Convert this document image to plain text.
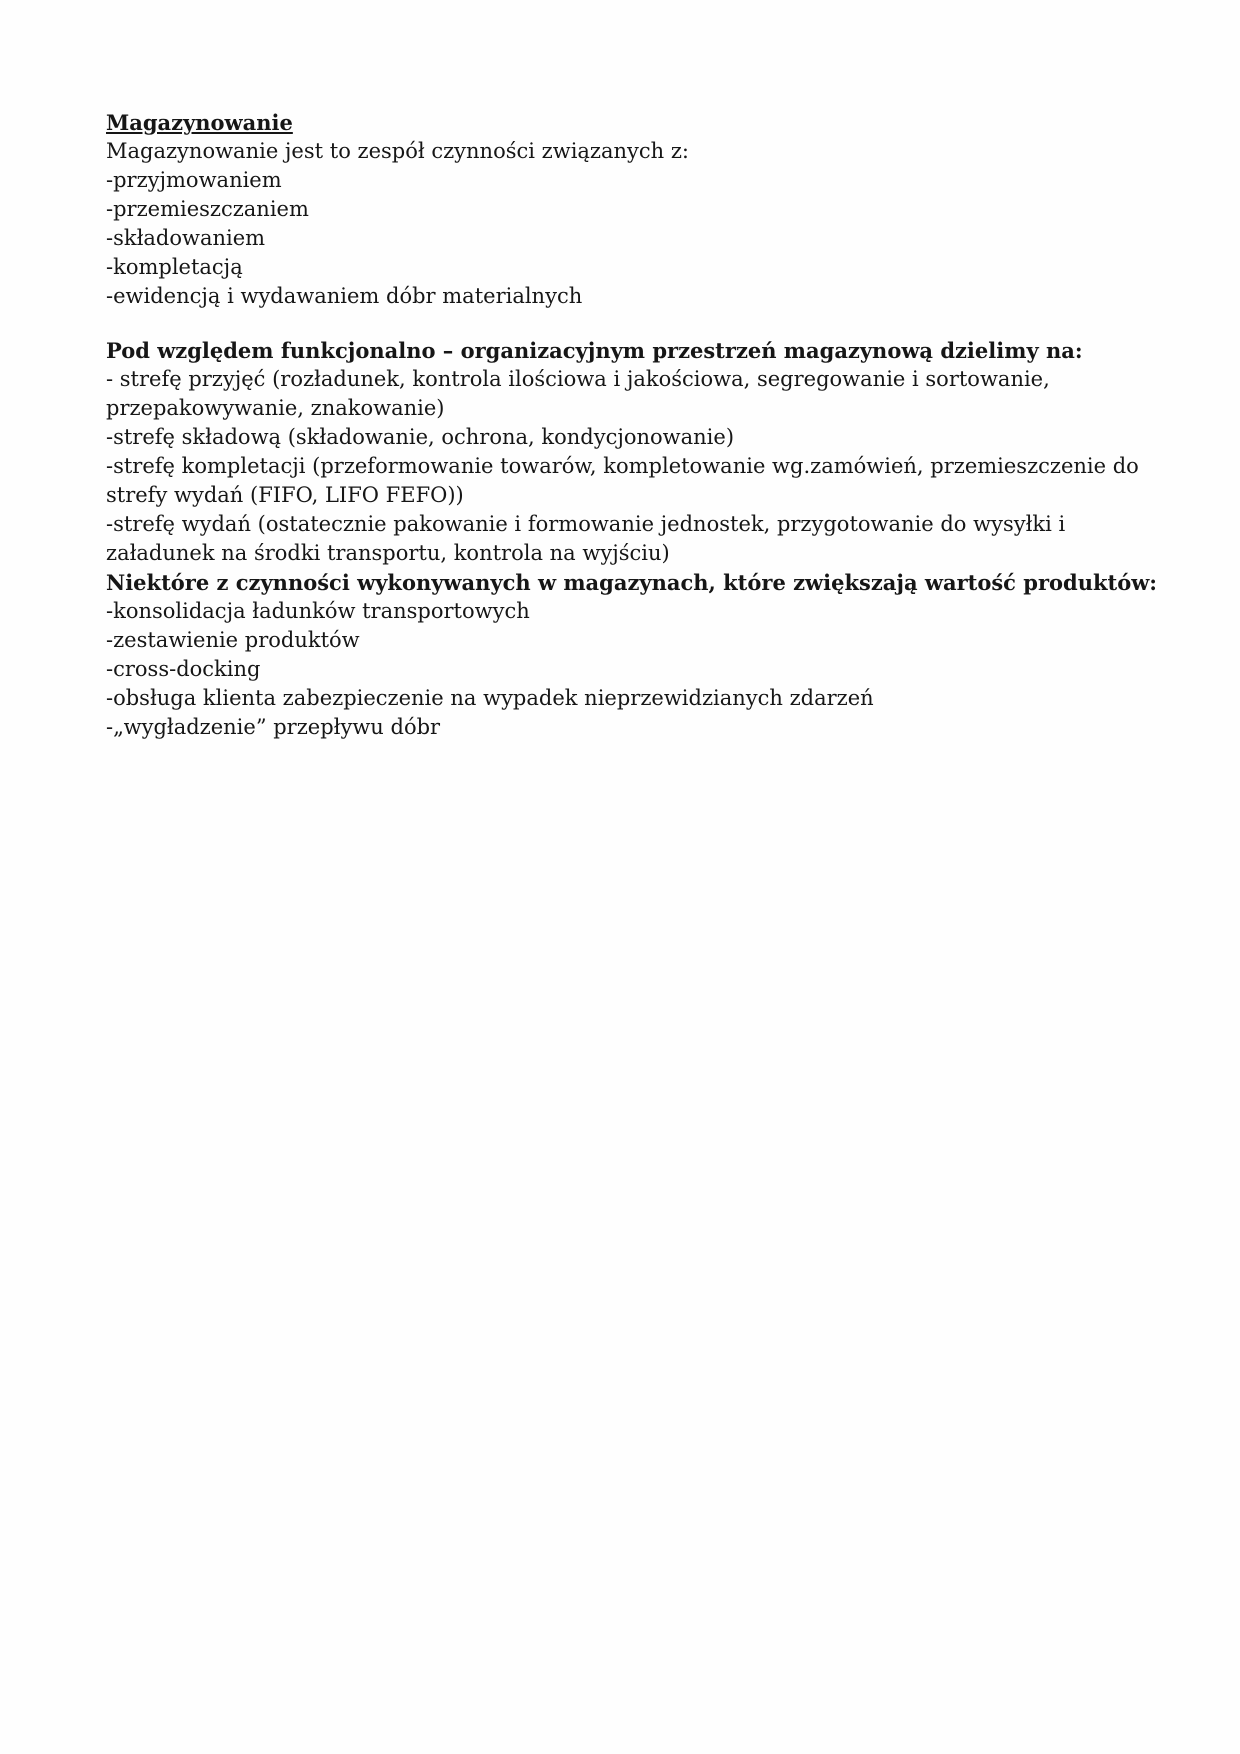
Magazynowanie
Magazynowanie jest to zespół czynności związanych z:
-przyjmowaniem
-przemieszczaniem
-składowaniem
-kompletacją
-ewidencją i wydawaniem dóbr materialnych
Pod względem funkcjonalno – organizacyjnym przestrzeń magazynową dzielimy na:
- strefę przyjęć (rozładunek, kontrola ilościowa i jakościowa, segregowanie i sortowanie,
przepakowywanie, znakowanie)
-strefę składową (składowanie, ochrona, kondycjonowanie)
-strefę kompletacji (przeformowanie towarów, kompletowanie wg.zamówień, przemieszczenie do
strefy wydań (FIFO, LIFO FEFO))
-strefę wydań (ostatecznie pakowanie i formowanie jednostek, przygotowanie do wysyłki i
załadunek na środki transportu, kontrola na wyjściu)
Niektóre z czynności wykonywanych w magazynach, które zwiększają wartość produktów:
-konsolidacja ładunków transportowych
-zestawienie produktów
-cross-docking
-obsługa klienta zabezpieczenie na wypadek nieprzewidzianych zdarzeń
-„wygładzenie” przepływu dóbr
